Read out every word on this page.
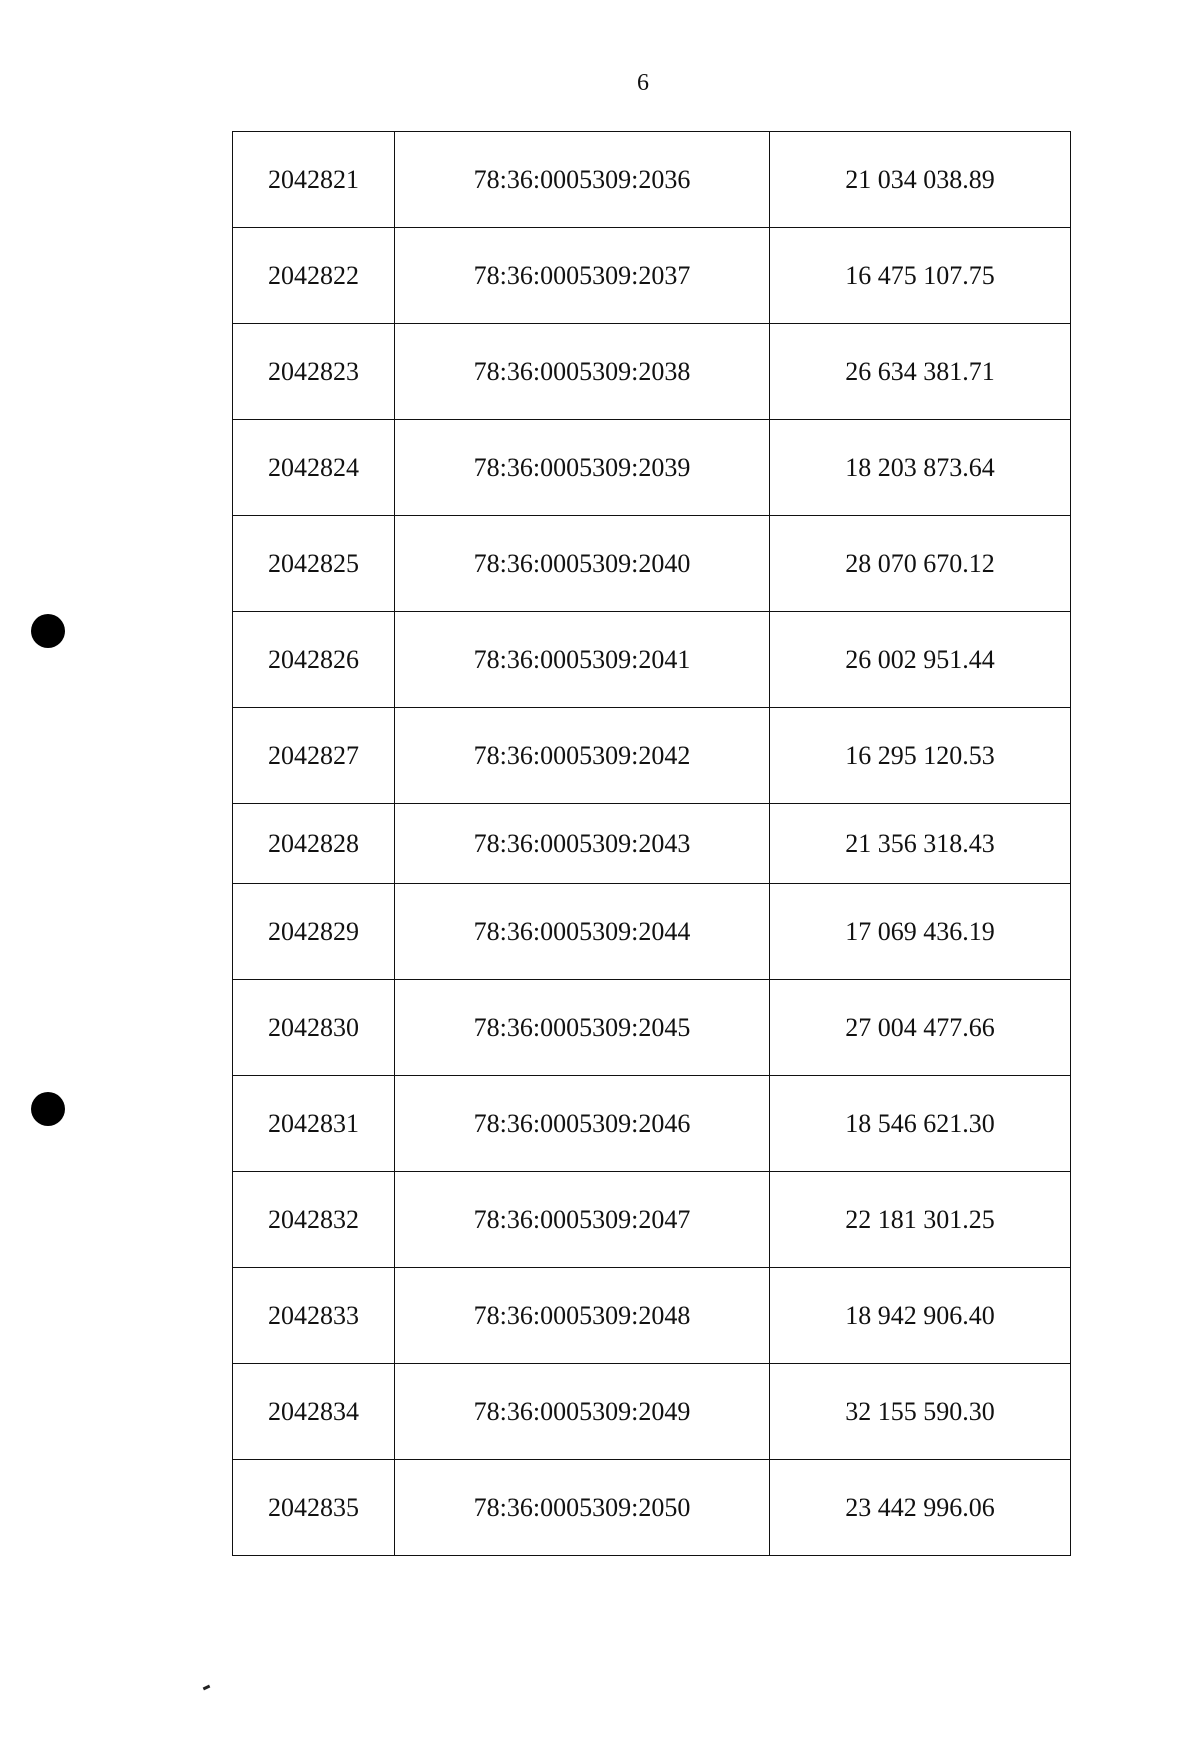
6
2042821	78:36:0005309:2036	21 034 038.89
2042822	78:36:0005309:2037	16 475 107.75
2042823	78:36:0005309:2038	26 634 381.71
2042824	78:36:0005309:2039	18 203 873.64
2042825	78:36:0005309:2040	28 070 670.12
2042826	78:36:0005309:2041	26 002 951.44
2042827	78:36:0005309:2042	16 295 120.53
2042828	78:36:0005309:2043	21 356 318.43
2042829	78:36:0005309:2044	17 069 436.19
2042830	78:36:0005309:2045	27 004 477.66
2042831	78:36:0005309:2046	18 546 621.30
2042832	78:36:0005309:2047	22 181 301.25
2042833	78:36:0005309:2048	18 942 906.40
2042834	78:36:0005309:2049	32 155 590.30
2042835	78:36:0005309:2050	23 442 996.06
